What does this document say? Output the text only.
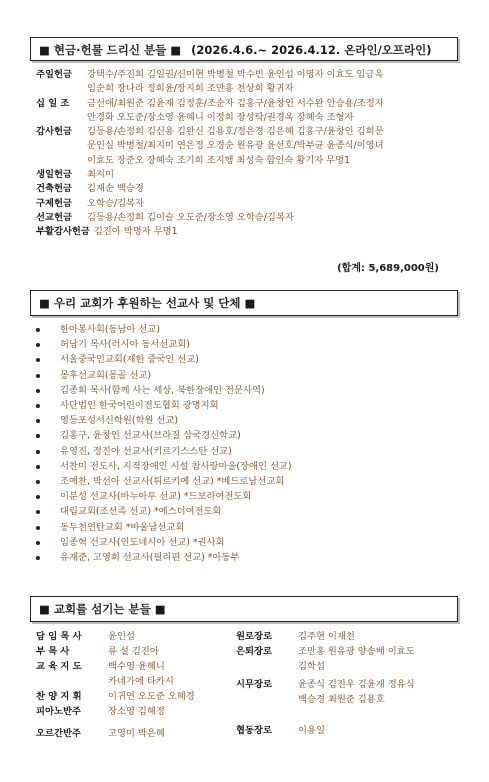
■ 현금·헌물 드리신 분들 ■ (2026.4.6.~ 2026.4.12. 온라인/오프라인)
주일헌금	강택수/주진희 김일권/신미현 박병철 박수빈 윤인섭 이영자 이효도 임금옥
임순희 장나라 정희윤/장지희 조만홍 천상희 황귀자
십 일 조	금선애/최원준 김윤재 김정훈/조순자 김홍구/윤창인 서수완 안승용/조정자
안경화 오도준/장소영 윤혜니 이정희 장성탁/권경옥 장혜숙 조형자
감사헌금	김등용/손정희 김신용 김완신 김용호/정은경 김은혜 김홍구/윤창인 김희문
문인실 박병철/최지미 연은정 오경순 원유광 윤선호/박부균 윤종식/이영녀
이효도 장준오 장혜숙 조기희 조지행 최성숙 함인숙 황기자 무명1
생일헌금	최지미
건축헌금	김재순 백승경
구제헌금	오학승/김복자
선교헌금	김등용/손정희 김이슬 오도준/장소영 오학승/김복자
부활감사헌금 김진아 박명자 무명1
(합계: 5,689,000원)
■ 우리 교회가 후원하는 선교사 및 단체 ■
한아봉사회(동남아 선교)
허남기 목사(러시아 동서선교회)
서울중국인교회(재한 중국인 선교)
몽후선교회(몽골 선교)
김종희 목사(함께 사는 세상, 북한장애인 전문사역)
사단법인 한국어린이전도협회 광명지회
영등포성서신학원(학원 선교)
김홍구, 윤창인 선교사(브라질 삼국경신학교)
유영진, 정진아 선교사(키르기스스탄 선교)
서찬미 전도사, 지적장애인 시설 참사랑마을(장애인 선교)
조예찬, 박선아 선교사(튀르키예 선교) *베드로남선교회
이분성 선교사(바누아투 선교) *드보라여전도회
대림교회(조선족 선교) *에스더여전도회
동두천연탄교회 *바울남선교회
임종혁 선교사(인도네시아 선교) *권사회
유재준, 고영희 선교사(필리핀 선교) *아동부
■ 교회를 섬기는 분들 ■
담 임 목 사	윤인섭
부 목 사	류 설 김진아
교 육 지 도	백수영 윤혜니
카네가에 타카시
찬 양 지 휘	이귀연 오도준 오혜경
피아노반주	장소영 김혜정
오르간반주	고영미 박은혜
원로장로	김주현 이재천
은퇴장로	조만홍 원유광 양송배 이효도
김학섭
시무장로	윤종식 김진우 김윤재 정유식
백승경 최원준 김용호
협동장로	이용일
